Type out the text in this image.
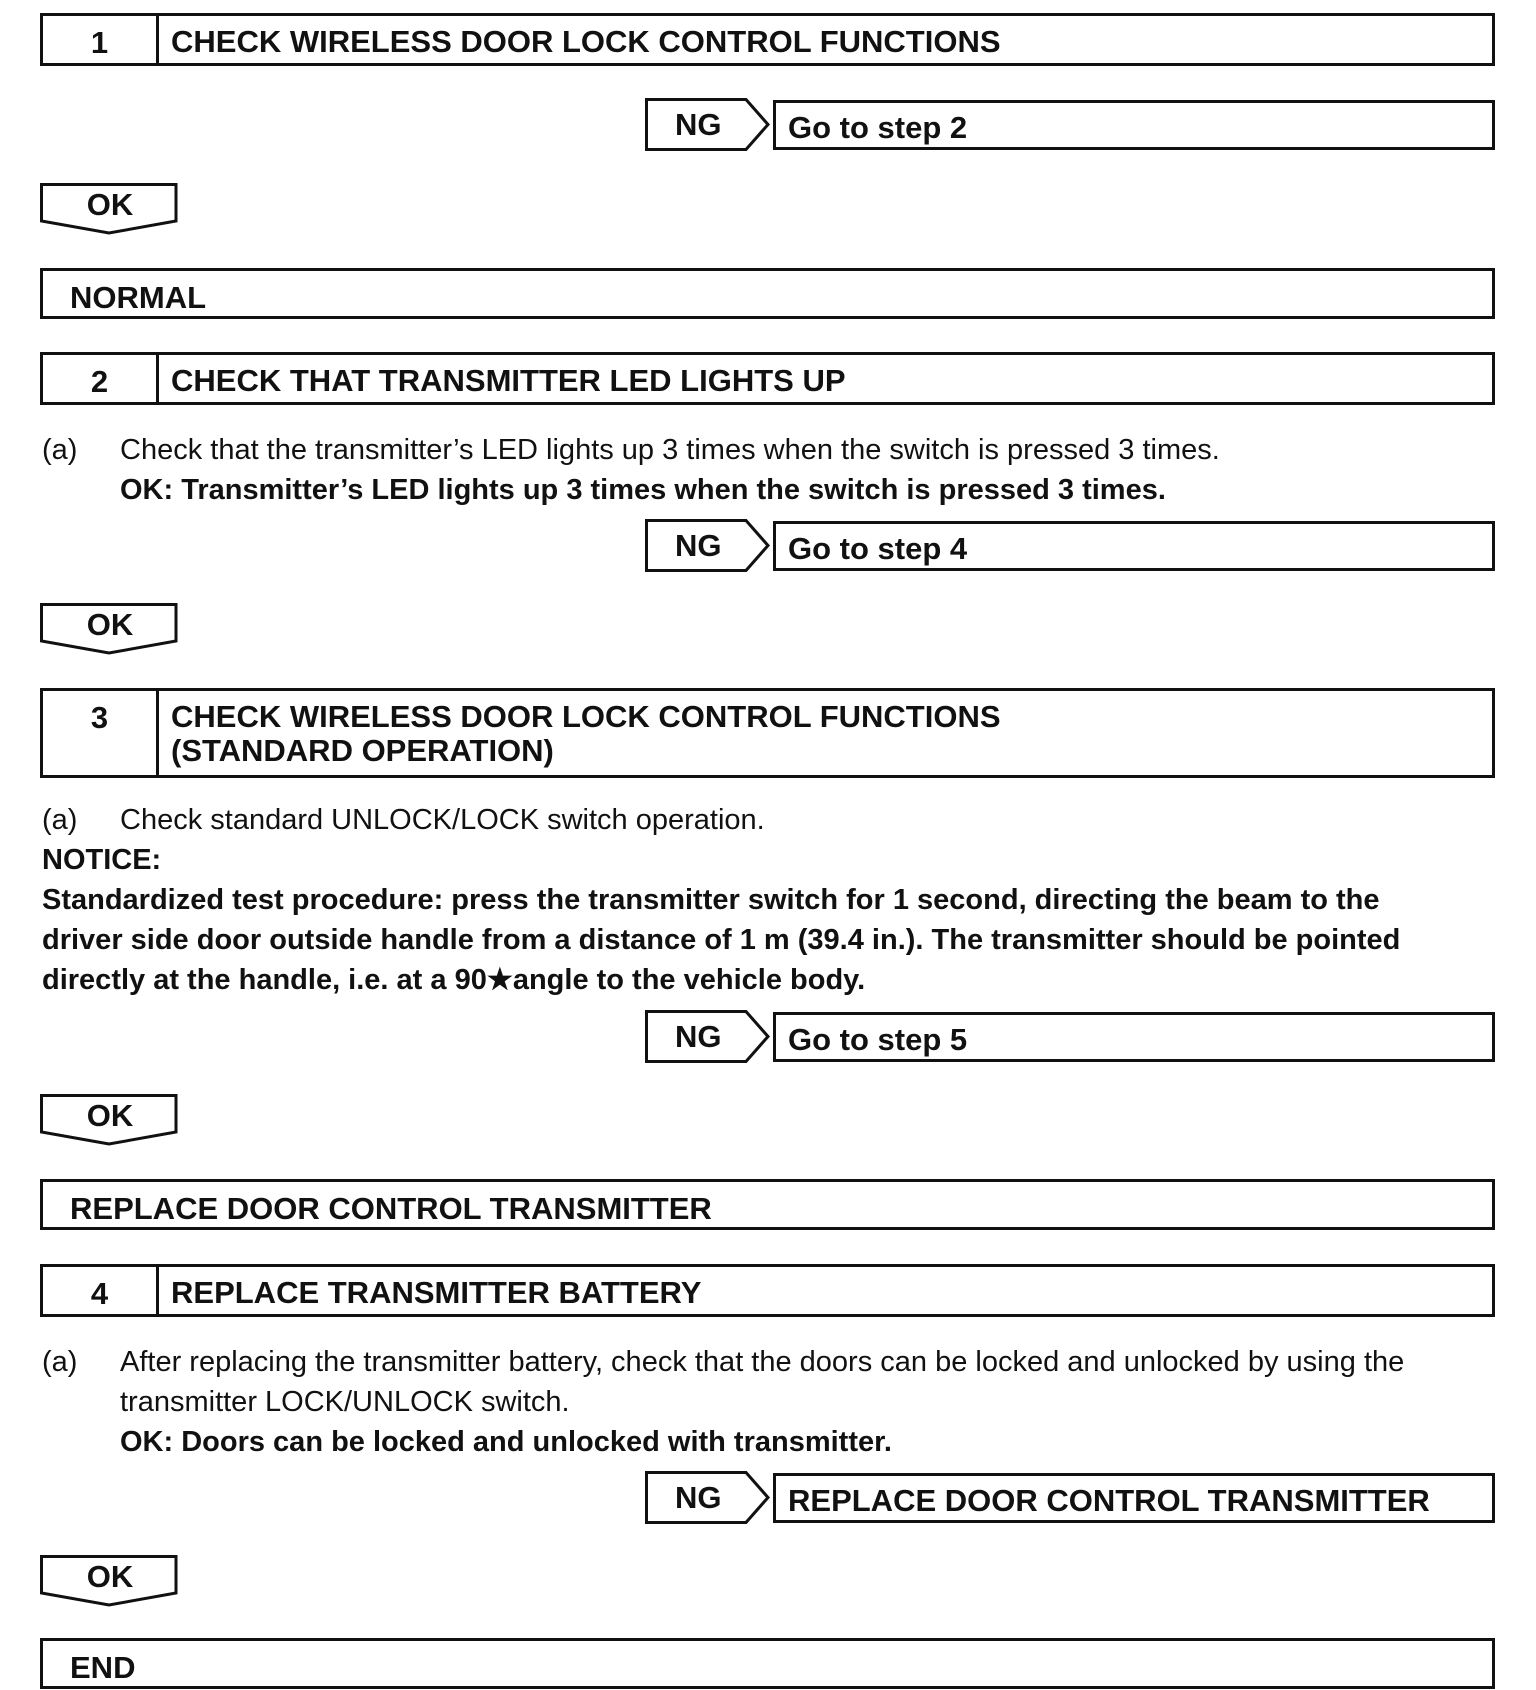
1	CHECK WIRELESS DOOR LOCK CONTROL FUNCTIONS
NG	Go to step 2
OK
NORMAL
2	CHECK THAT TRANSMITTER LED LIGHTS UP
(a) Check that the transmitter’s LED lights up 3 times when the switch is pressed 3 times.
OK: Transmitter’s LED lights up 3 times when the switch is pressed 3 times.
NG	Go to step 4
OK
3	CHECK WIRELESS DOOR LOCK CONTROL FUNCTIONS
(STANDARD OPERATION)
(a) Check standard UNLOCK/LOCK switch operation.
NOTICE:
Standardized test procedure: press the transmitter switch for 1 second, directing the beam to the
driver side door outside handle from a distance of 1 m (39.4 in.). The transmitter should be pointed
directly at the handle, i.e. at a 90★angle to the vehicle body.
NG	Go to step 5
OK
REPLACE DOOR CONTROL TRANSMITTER
4	REPLACE TRANSMITTER BATTERY
(a) After replacing the transmitter battery, check that the doors can be locked and unlocked by using the
transmitter LOCK/UNLOCK switch.
OK: Doors can be locked and unlocked with transmitter.
NG	REPLACE DOOR CONTROL TRANSMITTER
OK
END
